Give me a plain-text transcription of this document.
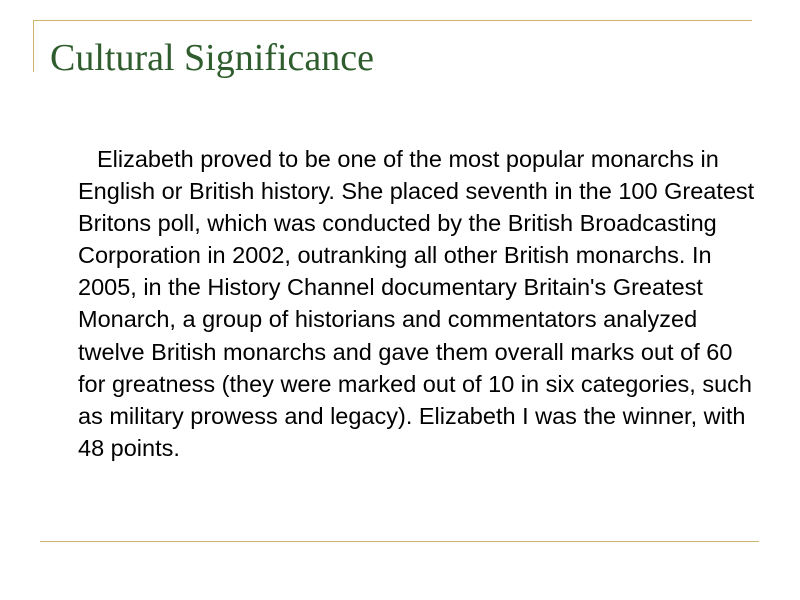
Cultural Significance

Elizabeth proved to be one of the most popular monarchs in English or British history. She placed seventh in the 100 Greatest Britons poll, which was conducted by the British Broadcasting Corporation in 2002, outranking all other British monarchs. In 2005, in the History Channel documentary Britain's Greatest Monarch, a group of historians and commentators analyzed twelve British monarchs and gave them overall marks out of 60 for greatness (they were marked out of 10 in six categories, such as military prowess and legacy). Elizabeth I was the winner, with 48 points.
